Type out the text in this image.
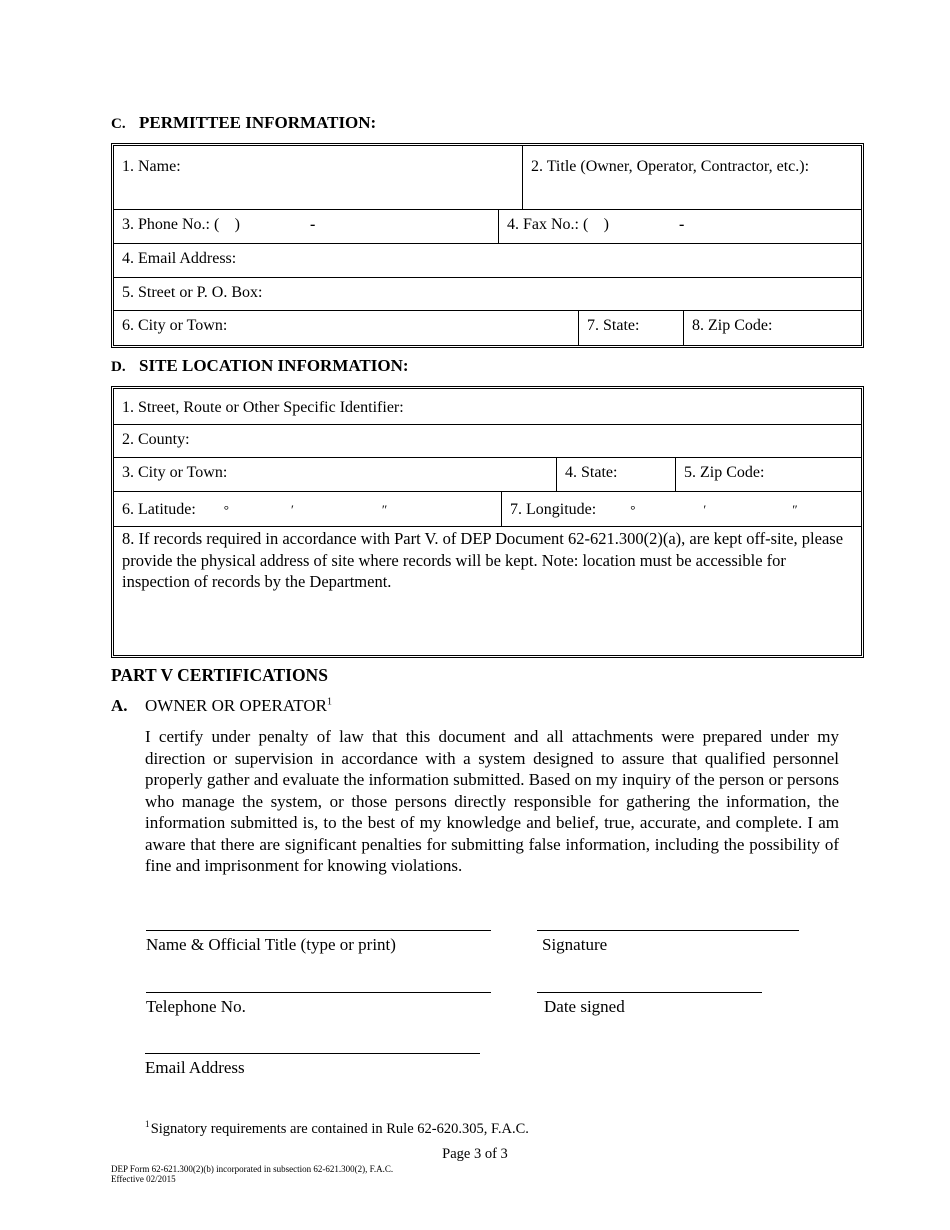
C. PERMITTEE INFORMATION:
1. Name:	2. Title (Owner, Operator, Contractor, etc.):
3. Phone No.: ( )	-	4. Fax No.: ( )	-
4. Email Address:
5. Street or P. O. Box:
6. City or Town:	7. State:	8. Zip Code:
D. SITE LOCATION INFORMATION:
1. Street, Route or Other Specific Identifier:
2. County:
3. City or Town:	4. State:	5. Zip Code:
6. Latitude: °	′	″	7. Longitude:	°	′	″
8. If records required in accordance with Part V. of DEP Document 62-621.300(2)(a), are kept off-site, please provide the physical address of site where records will be kept. Note: location must be accessible for inspection of records by the Department.
PART V CERTIFICATIONS
A. OWNER OR OPERATOR$^1$
I certify under penalty of law that this document and all attachments were prepared under my direction or supervision in accordance with a system designed to assure that qualified personnel properly gather and evaluate the information submitted. Based on my inquiry of the person or persons who manage the system, or those persons directly responsible for gathering the information, the information submitted is, to the best of my knowledge and belief, true, accurate, and complete. I am aware that there are significant penalties for submitting false information, including the possibility of fine and imprisonment for knowing violations.
Name & Official Title (type or print)	Signature
Telephone No.	Date signed
Email Address
$^1$ Signatory requirements are contained in Rule 62-620.305, F.A.C.
Page 3 of 3
DEP Form 62-621.300(2)(b) incorporated in subsection 62-621.300(2), F.A.C.
Effective 02/2015
